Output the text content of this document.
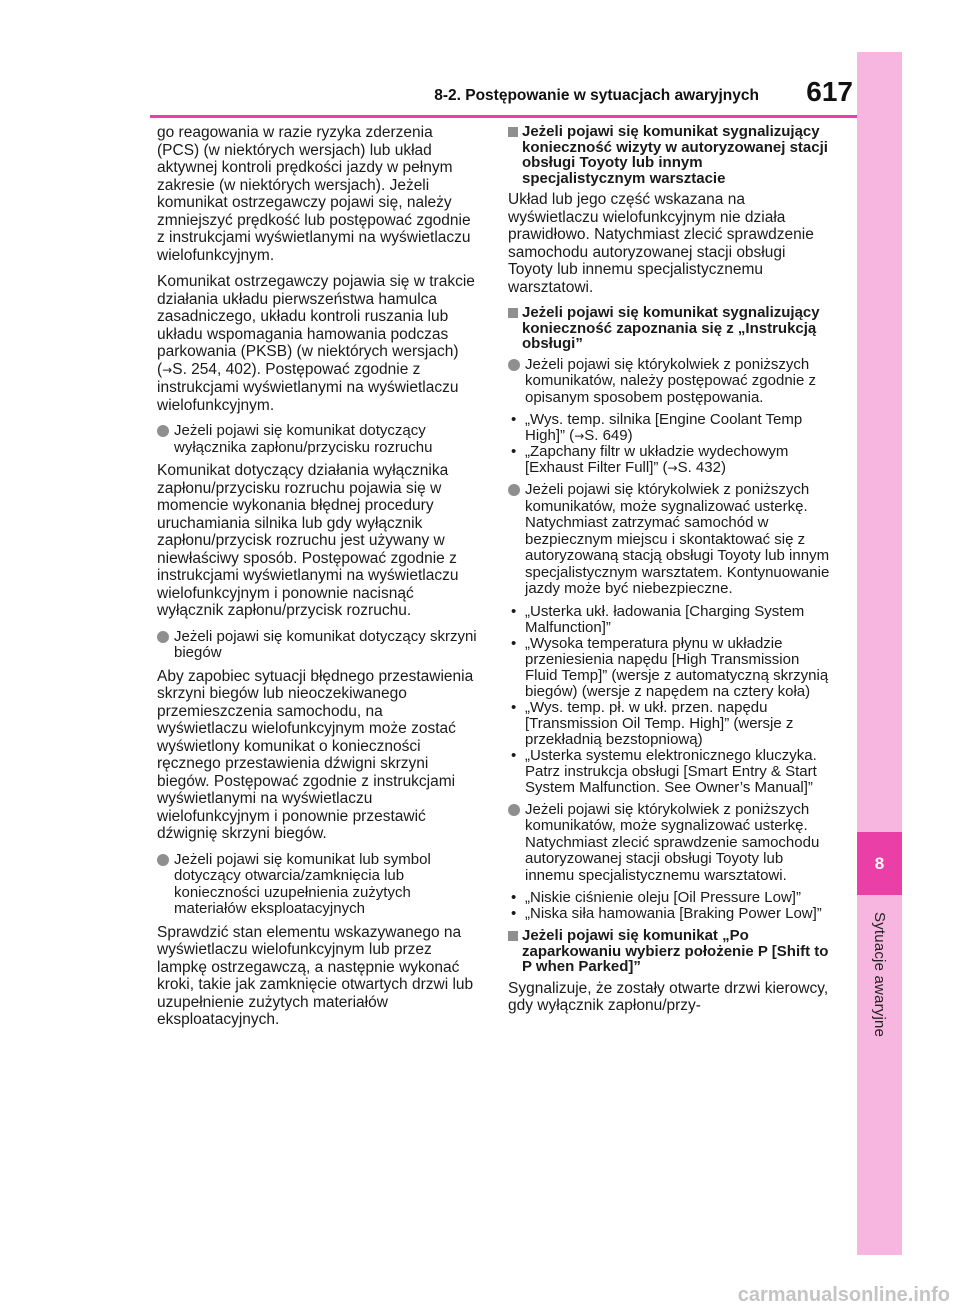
8
Sytuacje awaryjne
8-2. Postępowanie w sytuacjach awaryjnych 617

go reagowania w razie ryzyka zderzenia (PCS) (w niektórych wersjach) lub układ aktywnej kontroli prędkości jazdy w pełnym zakresie (w niektórych wersjach). Jeżeli komunikat ostrzegawczy pojawi się, należy zmniejszyć prędkość lub postępować zgodnie z instrukcjami wyświetlanymi na wyświetlaczu wielofunkcyjnym.

Komunikat ostrzegawczy pojawia się w trakcie działania układu pierwszeństwa hamulca zasadniczego, układu kontroli ruszania lub układu wspomagania hamowania podczas parkowania (PKSB) (w niektórych wersjach) (→S. 254, 402). Postępować zgodnie z instrukcjami wyświetlanymi na wyświetlaczu wielofunkcyjnym.

Jeżeli pojawi się komunikat dotyczący wyłącznika zapłonu/przycisku rozruchu

Komunikat dotyczący działania wyłącznika zapłonu/przycisku rozruchu pojawia się w momencie wykonania błędnej procedury uruchamiania silnika lub gdy wyłącznik zapłonu/przycisk rozruchu jest używany w niewłaściwy sposób. Postępować zgodnie z instrukcjami wyświetlanymi na wyświetlaczu wielofunkcyjnym i ponownie nacisnąć wyłącznik zapłonu/przycisk rozruchu.

Jeżeli pojawi się komunikat dotyczący skrzyni biegów

Aby zapobiec sytuacji błędnego przestawienia skrzyni biegów lub nieoczekiwanego przemieszczenia samochodu, na wyświetlaczu wielofunkcyjnym może zostać wyświetlony komunikat o konieczności ręcznego przestawienia dźwigni skrzyni biegów. Postępować zgodnie z instrukcjami wyświetlanymi na wyświetlaczu wielofunkcyjnym i ponownie przestawić dźwignię skrzyni biegów.

Jeżeli pojawi się komunikat lub symbol dotyczący otwarcia/zamknięcia lub konieczności uzupełnienia zużytych materiałów eksploatacyjnych

Sprawdzić stan elementu wskazywanego na wyświetlaczu wielofunkcyjnym lub przez lampkę ostrzegawczą, a następnie wykonać kroki, takie jak zamknięcie otwartych drzwi lub uzupełnienie zużytych materiałów eksploatacyjnych.

Jeżeli pojawi się komunikat sygnalizujący konieczność wizyty w autoryzowanej stacji obsługi Toyoty lub innym specjalistycznym warsztacie

Układ lub jego część wskazana na wyświetlaczu wielofunkcyjnym nie działa prawidłowo. Natychmiast zlecić sprawdzenie samochodu autoryzowanej stacji obsługi Toyoty lub innemu specjalistycznemu warsztatowi.

Jeżeli pojawi się komunikat sygnalizujący konieczność zapoznania się z „Instrukcją obsługi”
Jeżeli pojawi się którykolwiek z poniższych komunikatów, należy postępować zgodnie z opisanym sposobem postępowania.
• „Wys. temp. silnika [Engine Coolant Temp High]” (→S. 649)
• „Zapchany filtr w układzie wydechowym [Exhaust Filter Full]” (→S. 432)
Jeżeli pojawi się którykolwiek z poniższych komunikatów, może sygnalizować usterkę. Natychmiast zatrzymać samochód w bezpiecznym miejscu i skontaktować się z autoryzowaną stacją obsługi Toyoty lub innym specjalistycznym warsztatem. Kontynuowanie jazdy może być niebezpieczne.
• „Usterka ukł. ładowania [Charging System Malfunction]”
• „Wysoka temperatura płynu w układzie przeniesienia napędu [High Transmission Fluid Temp]” (wersje z automatyczną skrzynią biegów) (wersje z napędem na cztery koła)
• „Wys. temp. pł. w ukł. przen. napędu [Transmission Oil Temp. High]” (wersje z przekładnią bezstopniową)
• „Usterka systemu elektronicznego kluczyka. Patrz instrukcja obsługi [Smart Entry & Start System Malfunction. See Owner’s Manual]”
Jeżeli pojawi się którykolwiek z poniższych komunikatów, może sygnalizować usterkę. Natychmiast zlecić sprawdzenie samochodu autoryzowanej stacji obsługi Toyoty lub innemu specjalistycznemu warsztatowi.
• „Niskie ciśnienie oleju [Oil Pressure Low]”
• „Niska siła hamowania [Braking Power Low]”
Jeżeli pojawi się komunikat „Po zaparkowaniu wybierz położenie P [Shift to P when Parked]”

Sygnalizuje, że zostały otwarte drzwi kierowcy, gdy wyłącznik zapłonu/przy-

carmanualsonline.info
